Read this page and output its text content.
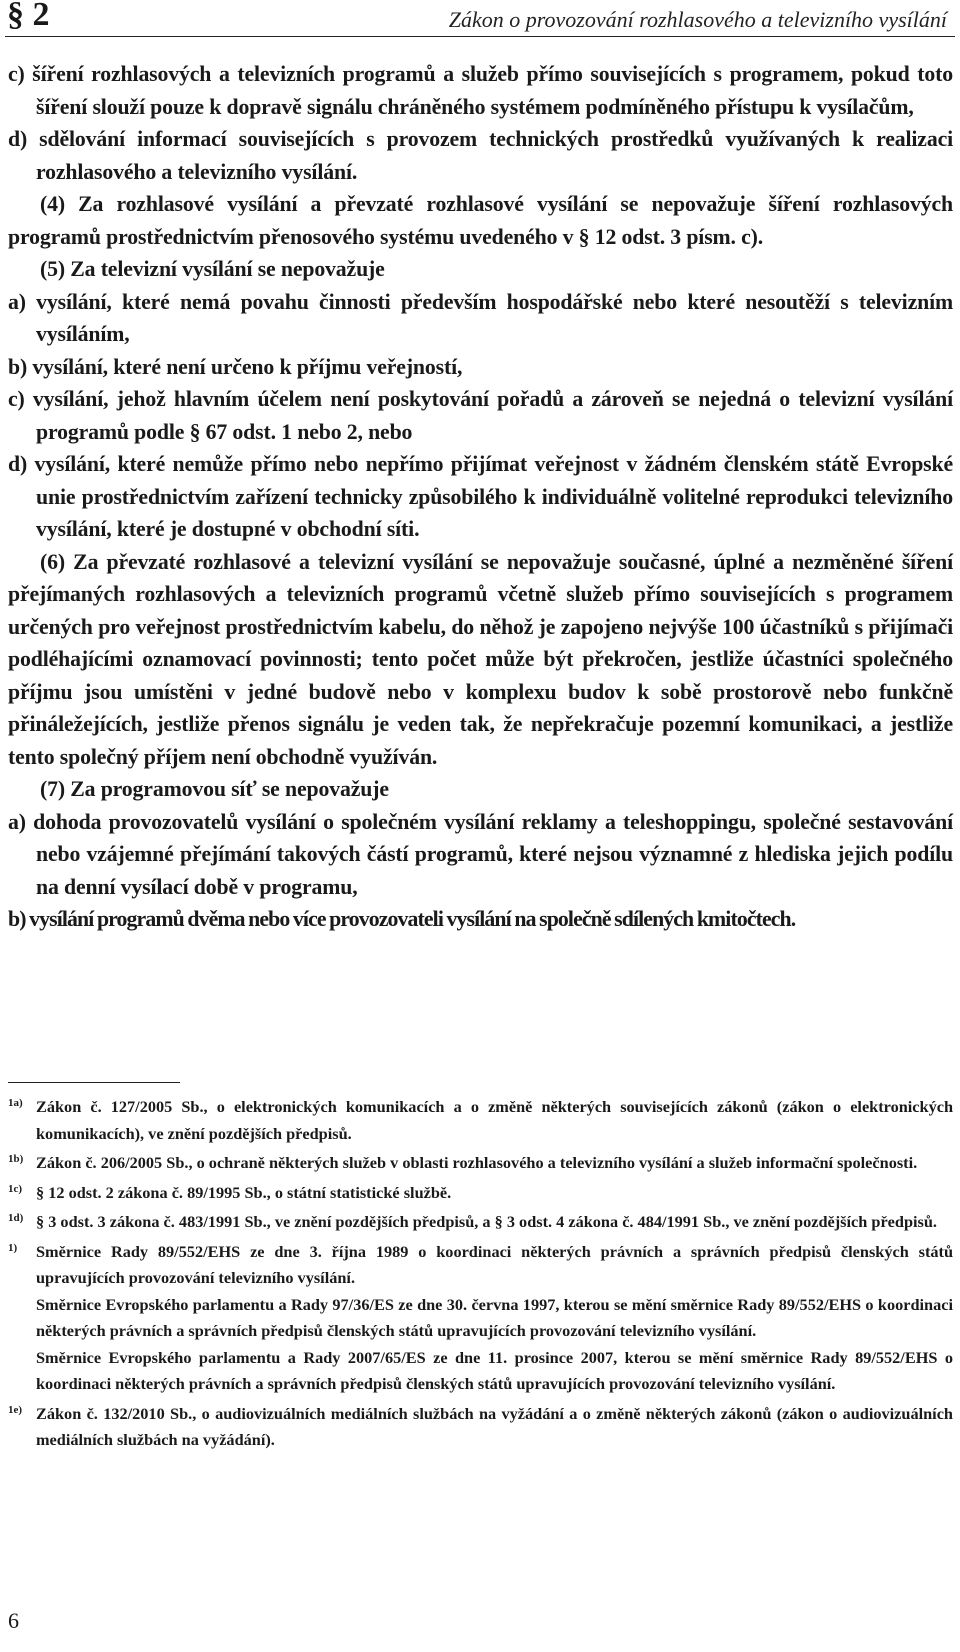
§ 2	Zákon o provozování rozhlasového a televizního vysílání

c) šíření rozhlasových a televizních programů a služeb přímo souvisejících s programem, pokud toto šíření slouží pouze k dopravě signálu chráněného systémem podmíněného přístupu k vysílačům,

d) sdělování informací souvisejících s provozem technických prostředků využívaných k realizaci rozhlasového a televizního vysílání.

(4) Za rozhlasové vysílání a převzaté rozhlasové vysílání se nepovažuje šíření rozhlasových programů prostřednictvím přenosového systému uvedeného v § 12 odst. 3 písm. c).

(5) Za televizní vysílání se nepovažuje

a) vysílání, které nemá povahu činnosti především hospodářské nebo které nesoutěží s televizním vysíláním,

b) vysílání, které není určeno k příjmu veřejností,

c) vysílání, jehož hlavním účelem není poskytování pořadů a zároveň se nejedná o televizní vysílání programů podle § 67 odst. 1 nebo 2, nebo

d) vysílání, které nemůže přímo nebo nepřímo přijímat veřejnost v žádném členském státě Evropské unie prostřednictvím zařízení technicky způsobilého k individuálně volitelné reprodukci televizního vysílání, které je dostupné v obchodní síti.

(6) Za převzaté rozhlasové a televizní vysílání se nepovažuje současné, úplné a nezměněné šíření přejímaných rozhlasových a televizních programů včetně služeb přímo souvisejících s programem určených pro veřejnost prostřednictvím kabelu, do něhož je zapojeno nejvýše 100 účastníků s přijímači podléhajícími oznamovací povinnosti; tento počet může být překročen, jestliže účastníci společného příjmu jsou umístěni v jedné budově nebo v komplexu budov k sobě prostorově nebo funkčně přináležejících, jestliže přenos signálu je veden tak, že nepřekračuje pozemní komunikaci, a jestliže tento společný příjem není obchodně využíván.

(7) Za programovou síť se nepovažuje

a) dohoda provozovatelů vysílání o společném vysílání reklamy a teleshoppingu, společné sestavování nebo vzájemné přejímání takových částí programů, které nejsou významné z hlediska jejich podílu na denní vysílací době v programu,

b) vysílání programů dvěma nebo více provozovateli vysílání na společně sdílených kmitočtech.

1a) Zákon č. 127/2005 Sb., o elektronických komunikacích a o změně některých souvisejících zákonů (zákon o elektronických komunikacích), ve znění pozdějších předpisů.

1b) Zákon č. 206/2005 Sb., o ochraně některých služeb v oblasti rozhlasového a televizního vysílání a služeb informační společnosti.

1c) § 12 odst. 2 zákona č. 89/1995 Sb., o státní statistické službě.

1d) § 3 odst. 3 zákona č. 483/1991 Sb., ve znění pozdějších předpisů, a § 3 odst. 4 zákona č. 484/1991 Sb., ve znění pozdějších předpisů.

1) Směrnice Rady 89/552/EHS ze dne 3. října 1989 o koordinaci některých právních a správních předpisů členských států upravujících provozování televizního vysílání.

Směrnice Evropského parlamentu a Rady 97/36/ES ze dne 30. června 1997, kterou se mění směrnice Rady 89/552/EHS o koordinaci některých právních a správních předpisů členských států upravujících provozování televizního vysílání.

Směrnice Evropského parlamentu a Rady 2007/65/ES ze dne 11. prosince 2007, kterou se mění směrnice Rady 89/552/EHS o koordinaci některých právních a správních předpisů členských států upravujících provozování televizního vysílání.

1e) Zákon č. 132/2010 Sb., o audiovizuálních mediálních službách na vyžádání a o změně některých zákonů (zákon o audiovizuálních mediálních službách na vyžádání).

6
